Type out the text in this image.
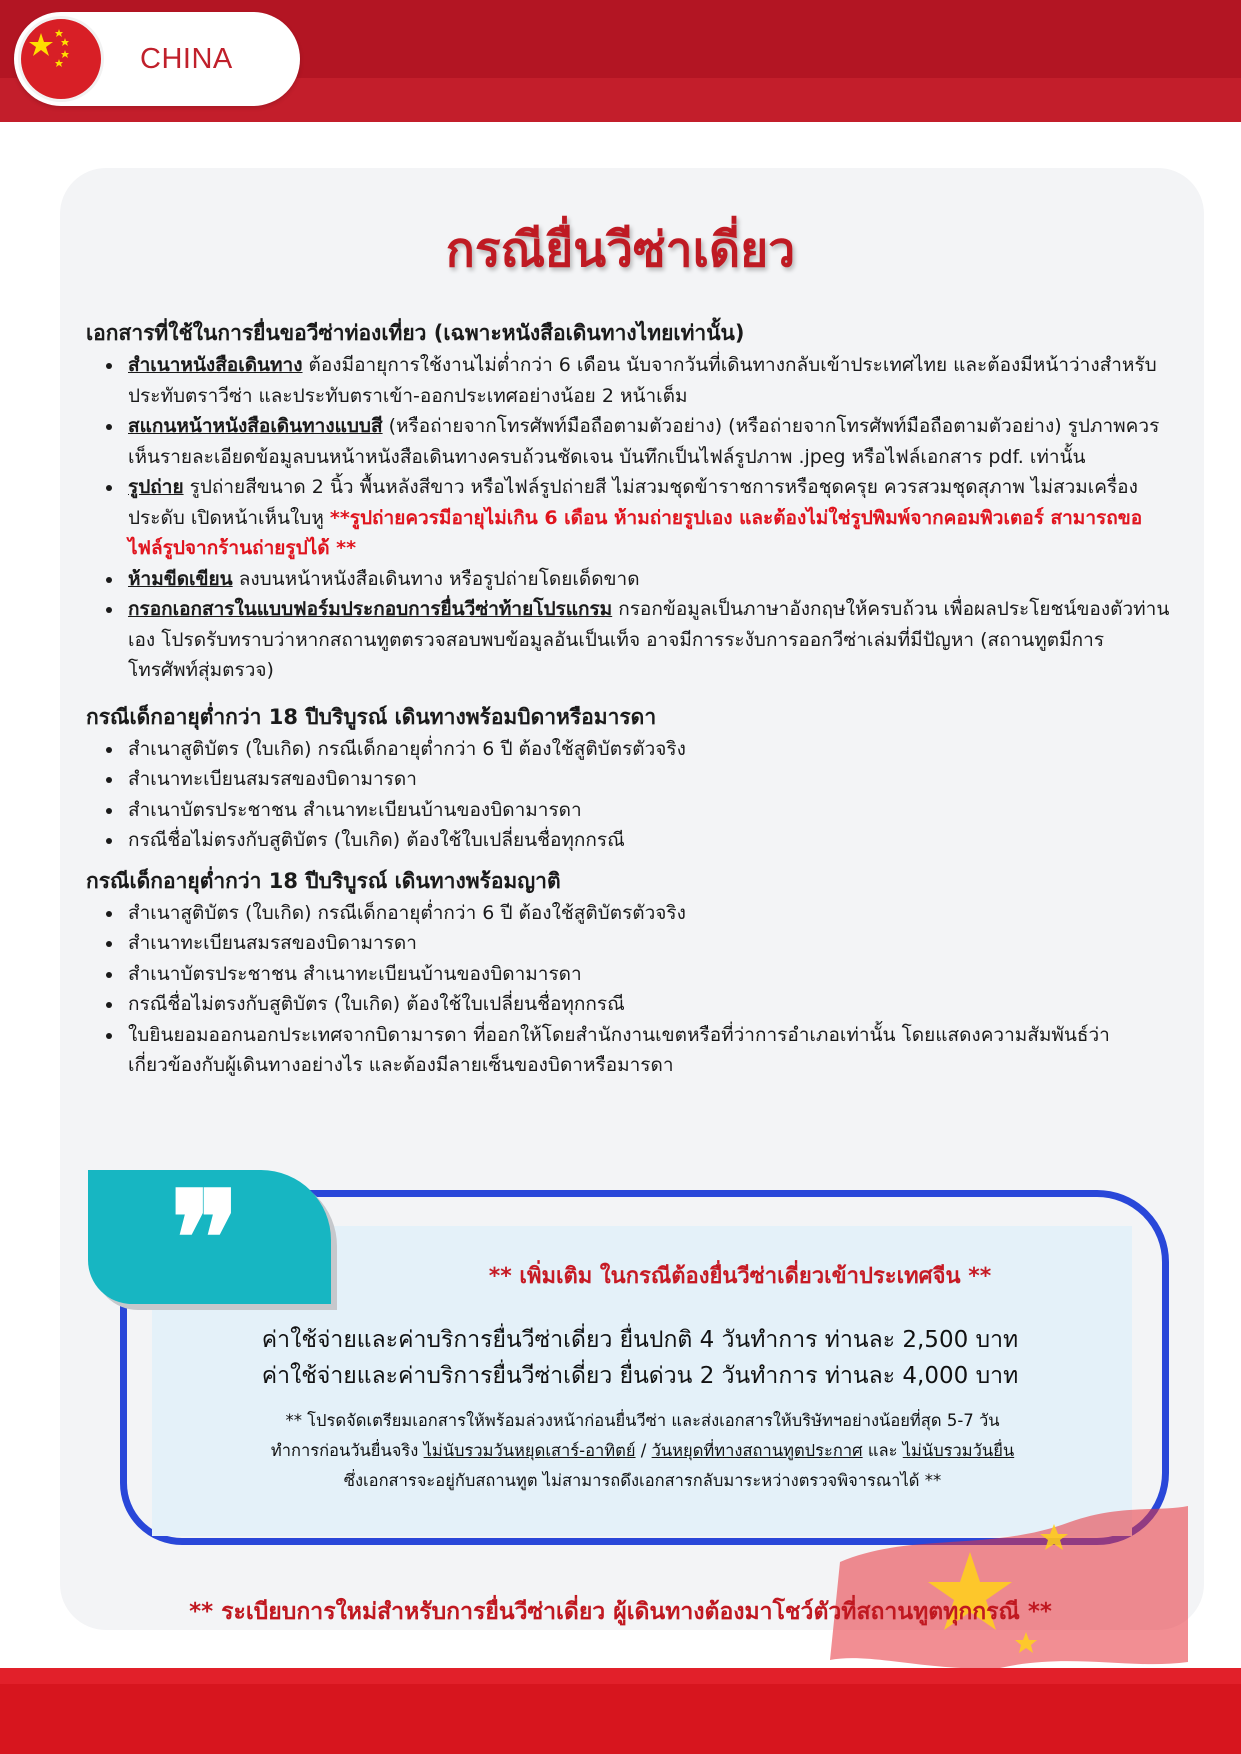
CHINA
กรณียื่นวีซ่าเดี่ยว

เอกสารที่ใช้ในการยื่นขอวีซ่าท่องเที่ยว (เฉพาะหนังสือเดินทางไทยเท่านั้น)

• สำเนาหนังสือเดินทาง ต้องมีอายุการใช้งานไม่ต่ำกว่า 6 เดือน นับจากวันที่เดินทางกลับเข้าประเทศไทย และต้องมีหน้าว่างสำหรับประทับตราวีซ่า และประทับตราเข้า-ออกประเทศอย่างน้อย 2 หน้าเต็ม
• สแกนหน้าหนังสือเดินทางแบบสี (หรือถ่ายจากโทรศัพท์มือถือตามตัวอย่าง) (หรือถ่ายจากโทรศัพท์มือถือตามตัวอย่าง) รูปภาพควรเห็นรายละเอียดข้อมูลบนหน้าหนังสือเดินทางครบถ้วนชัดเจน บันทึกเป็นไฟล์รูปภาพ .jpeg หรือไฟล์เอกสาร pdf. เท่านั้น
• รูปถ่าย รูปถ่ายสีขนาด 2 นิ้ว พื้นหลังสีขาว หรือไฟล์รูปถ่ายสี ไม่สวมชุดข้าราชการหรือชุดครุย ควรสวมชุดสุภาพ ไม่สวมเครื่องประดับ เปิดหน้าเห็นใบหู **รูปถ่ายควรมีอายุไม่เกิน 6 เดือน ห้ามถ่ายรูปเอง และต้องไม่ใช่รูปพิมพ์จากคอมพิวเตอร์ สามารถขอไฟล์รูปจากร้านถ่ายรูปได้ **
• ห้ามขีดเขียน ลงบนหน้าหนังสือเดินทาง หรือรูปถ่ายโดยเด็ดขาด
• กรอกเอกสารในแบบฟอร์มประกอบการยื่นวีซ่าท้ายโปรแกรม กรอกข้อมูลเป็นภาษาอังกฤษให้ครบถ้วน เพื่อผลประโยชน์ของตัวท่านเอง โปรดรับทราบว่าหากสถานทูตตรวจสอบพบข้อมูลอันเป็นเท็จ อาจมีการระงับการออกวีซ่าเล่มที่มีปัญหา (สถานทูตมีการโทรศัพท์สุ่มตรวจ)

กรณีเด็กอายุต่ำกว่า 18 ปีบริบูรณ์ เดินทางพร้อมบิดาหรือมารดา

• สำเนาสูติบัตร (ใบเกิด) กรณีเด็กอายุต่ำกว่า 6 ปี ต้องใช้สูติบัตรตัวจริง
• สำเนาทะเบียนสมรสของบิดามารดา
• สำเนาบัตรประชาชน สำเนาทะเบียนบ้านของบิดามารดา
• กรณีชื่อไม่ตรงกับสูติบัตร (ใบเกิด) ต้องใช้ใบเปลี่ยนชื่อทุกกรณี

กรณีเด็กอายุต่ำกว่า 18 ปีบริบูรณ์ เดินทางพร้อมญาติ

• สำเนาสูติบัตร (ใบเกิด) กรณีเด็กอายุต่ำกว่า 6 ปี ต้องใช้สูติบัตรตัวจริง
• สำเนาทะเบียนสมรสของบิดามารดา
• สำเนาบัตรประชาชน สำเนาทะเบียนบ้านของบิดามารดา
• กรณีชื่อไม่ตรงกับสูติบัตร (ใบเกิด) ต้องใช้ใบเปลี่ยนชื่อทุกกรณี
• ใบยินยอมออกนอกประเทศจากบิดามารดา ที่ออกให้โดยสำนักงานเขตหรือที่ว่าการอำเภอเท่านั้น โดยแสดงความสัมพันธ์ว่าเกี่ยวข้องกับผู้เดินทางอย่างไร และต้องมีลายเซ็นของบิดาหรือมารดา
❞	** เพิ่มเติม ในกรณีต้องยื่นวีซ่าเดี่ยวเข้าประเทศจีน **
ค่าใช้จ่ายและค่าบริการยื่นวีซ่าเดี่ยว ยื่นปกติ 4 วันทำการ ท่านละ 2,500 บาท
ค่าใช้จ่ายและค่าบริการยื่นวีซ่าเดี่ยว ยื่นด่วน 2 วันทำการ ท่านละ 4,000 บาท
** โปรดจัดเตรียมเอกสารให้พร้อมล่วงหน้าก่อนยื่นวีซ่า และส่งเอกสารให้บริษัทฯอย่างน้อยที่สุด 5-7 วัน
ทำการก่อนวันยื่นจริง ไม่นับรวมวันหยุดเสาร์-อาทิตย์ / วันหยุดที่ทางสถานทูตประกาศ และ ไม่นับรวมวันยื่น
ซึ่งเอกสารจะอยู่กับสถานทูต ไม่สามารถดึงเอกสารกลับมาระหว่างตรวจพิจารณาได้ **
** ระเบียบการใหม่สำหรับการยื่นวีซ่าเดี่ยว ผู้เดินทางต้องมาโชว์ตัวที่สถานทูตทุกกรณี **
